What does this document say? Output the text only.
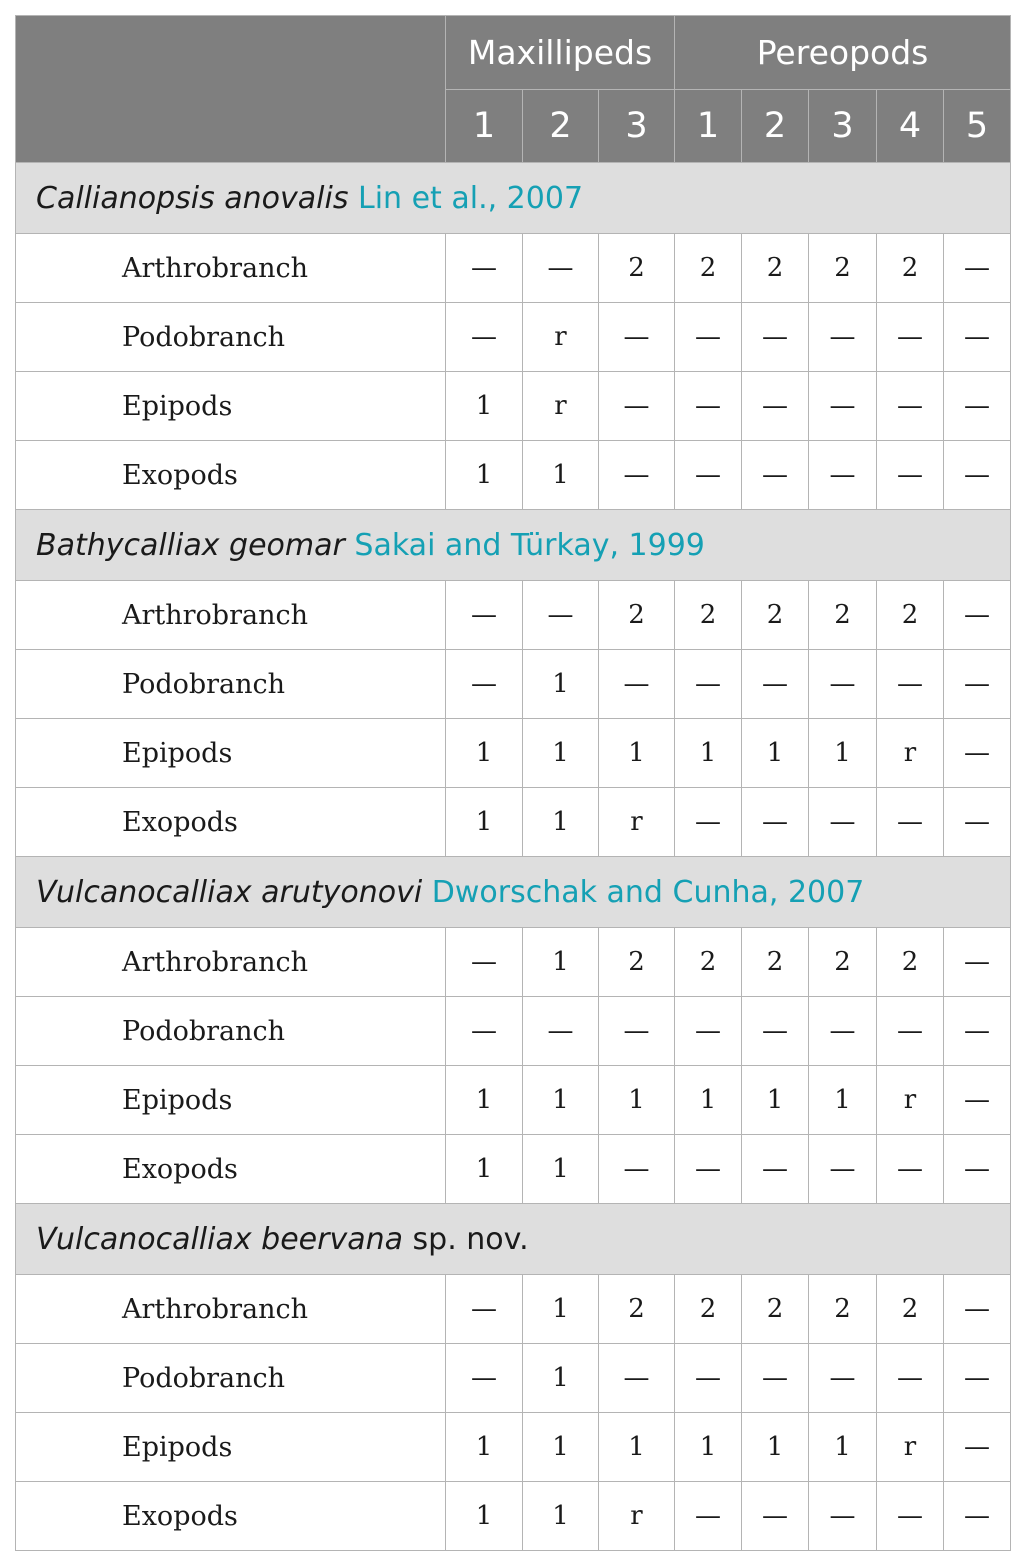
	Maxillipeds			Pereopods				
	1	2	3	1	2	3	4	5
Callianopsis anovalis Lin et al., 2007								
Arthrobranch	—	—	2	2	2	2	2	—
Podobranch	—	r	—	—	—	—	—	—
Epipods	1	r	—	—	—	—	—	—
Exopods	1	1	—	—	—	—	—	—
Bathycalliax geomar Sakai and Türkay, 1999								
Arthrobranch	—	—	2	2	2	2	2	—
Podobranch	—	1	—	—	—	—	—	—
Epipods	1	1	1	1	1	1	r	—
Exopods	1	1	r	—	—	—	—	—
Vulcanocalliax arutyonovi Dworschak and Cunha, 2007								
Arthrobranch	—	1	2	2	2	2	2	—
Podobranch	—	—	—	—	—	—	—	—
Epipods	1	1	1	1	1	1	r	—
Exopods	1	1	—	—	—	—	—	—
Vulcanocalliax beervana sp. nov.								
Arthrobranch	—	1	2	2	2	2	2	—
Podobranch	—	1	—	—	—	—	—	—
Epipods	1	1	1	1	1	1	r	—
Exopods	1	1	r	—	—	—	—	—
